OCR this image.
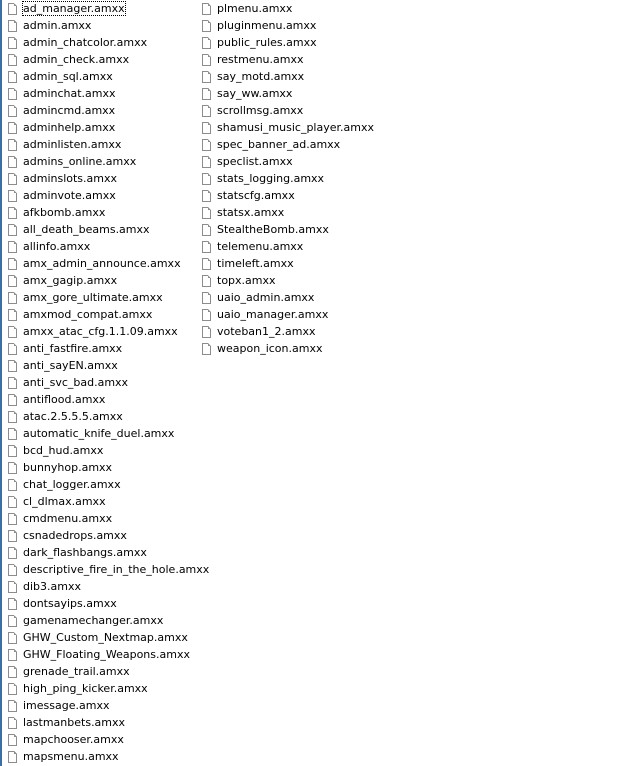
ad_manager.amxx
admin.amxx
admin_chatcolor.amxx
admin_check.amxx
admin_sql.amxx
adminchat.amxx
admincmd.amxx
adminhelp.amxx
adminlisten.amxx
admins_online.amxx
adminslots.amxx
adminvote.amxx
afkbomb.amxx
all_death_beams.amxx
allinfo.amxx
amx_admin_announce.amxx
amx_gagip.amxx
amx_gore_ultimate.amxx
amxmod_compat.amxx
amxx_atac_cfg.1.1.09.amxx
anti_fastfire.amxx
anti_sayEN.amxx
anti_svc_bad.amxx
antiflood.amxx
atac.2.5.5.5.amxx
automatic_knife_duel.amxx
bcd_hud.amxx
bunnyhop.amxx
chat_logger.amxx
cl_dlmax.amxx
cmdmenu.amxx
csnadedrops.amxx
dark_flashbangs.amxx
descriptive_fire_in_the_hole.amxx
dib3.amxx
dontsayips.amxx
gamenamechanger.amxx
GHW_Custom_Nextmap.amxx
GHW_Floating_Weapons.amxx
grenade_trail.amxx
high_ping_kicker.amxx
imessage.amxx
lastmanbets.amxx
mapchooser.amxx
mapsmenu.amxx
plmenu.amxx
pluginmenu.amxx
public_rules.amxx
restmenu.amxx
say_motd.amxx
say_ww.amxx
scrollmsg.amxx
shamusi_music_player.amxx
spec_banner_ad.amxx
speclist.amxx
stats_logging.amxx
statscfg.amxx
statsx.amxx
StealtheBomb.amxx
telemenu.amxx
timeleft.amxx
topx.amxx
uaio_admin.amxx
uaio_manager.amxx
voteban1_2.amxx
weapon_icon.amxx
